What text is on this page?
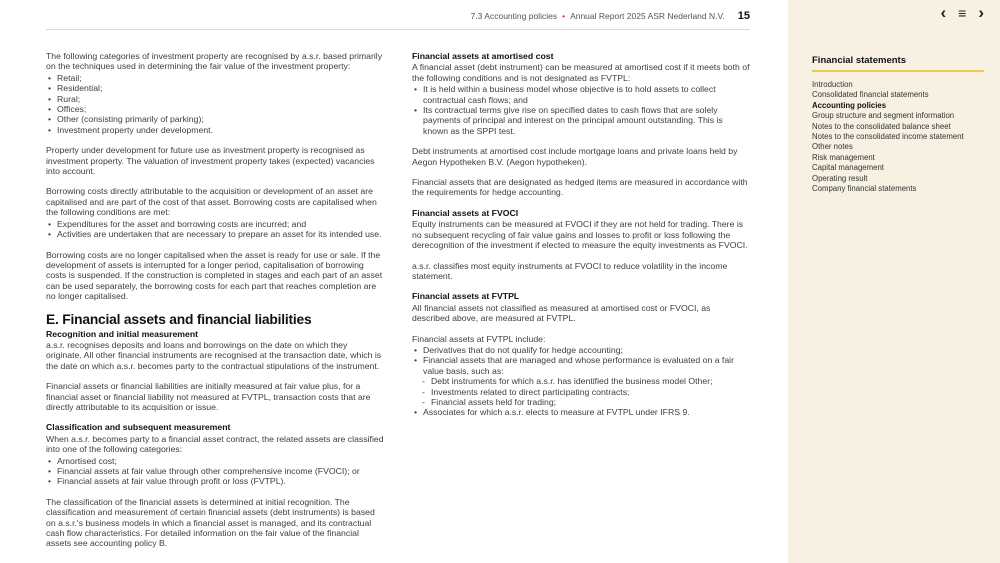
7.3 Accounting policies • Annual Report 2025 ASR Nederland N.V. 15
The following categories of investment property are recognised by a.s.r. based primarily on the techniques used in determining the fair value of the investment property:
• Retail;
• Residential;
• Rural;
• Offices;
• Other (consisting primarily of parking);
• Investment property under development.
Property under development for future use as investment property is recognised as investment property. The valuation of investment property takes (expected) vacancies into account.
Borrowing costs directly attributable to the acquisition or development of an asset are capitalised and are part of the cost of that asset. Borrowing costs are capitalised when the following conditions are met:
• Expenditures for the asset and borrowing costs are incurred; and
• Activities are undertaken that are necessary to prepare an asset for its intended use.
Borrowing costs are no longer capitalised when the asset is ready for use or sale. If the development of assets is interrupted for a longer period, capitalisation of borrowing costs is suspended. If the construction is completed in stages and each part of an asset can be used separately, the borrowing costs for each part that reaches completion are no longer capitalised.
E. Financial assets and financial liabilities
Recognition and initial measurement
a.s.r. recognises deposits and loans and borrowings on the date on which they originate. All other financial instruments are recognised at the transaction date, which is the date on which a.s.r. becomes party to the contractual stipulations of the instrument.
Financial assets or financial liabilities are initially measured at fair value plus, for a financial asset or financial liability not measured at FVTPL, transaction costs that are directly attributable to its acquisition or issue.
Classification and subsequent measurement
When a.s.r. becomes party to a financial asset contract, the related assets are classified into one of the following categories:
• Amortised cost;
• Financial assets at fair value through other comprehensive income (FVOCI); or
• Financial assets at fair value through profit or loss (FVTPL).
The classification of the financial assets is determined at initial recognition. The classification and measurement of certain financial assets (debt instruments) is based on a.s.r.'s business models in which a financial asset is managed, and its contractual cash flow characteristics. For detailed information on the fair value of the financial assets see accounting policy B.
Financial assets at amortised cost
A financial asset (debt instrument) can be measured at amortised cost if it meets both of the following conditions and is not designated as FVTPL:
• It is held within a business model whose objective is to hold assets to collect contractual cash flows; and
• Its contractual terms give rise on specified dates to cash flows that are solely payments of principal and interest on the principal amount outstanding. This is known as the SPPI test.
Debt instruments at amortised cost include mortgage loans and private loans held by Aegon Hypotheken B.V. (Aegon hypotheken).
Financial assets that are designated as hedged items are measured in accordance with the requirements for hedge accounting.
Financial assets at FVOCI
Equity instruments can be measured at FVOCI if they are not held for trading. There is no subsequent recycling of fair value gains and losses to profit or loss following the derecognition of the investment if elected to measure the equity investments as FVOCI.
a.s.r. classifies most equity instruments at FVOCI to reduce volatility in the income statement.
Financial assets at FVTPL
All financial assets not classified as measured at amortised cost or FVOCI, as described above, are measured at FVTPL.
Financial assets at FVTPL include:
• Derivatives that do not qualify for hedge accounting;
• Financial assets that are managed and whose performance is evaluated on a fair value basis, such as:
- Debt instruments for which a.s.r. has identified the business model Other;
- Investments related to direct participating contracts;
- Financial assets held for trading;
• Associates for which a.s.r. elects to measure at FVTPL under IFRS 9.
‹ ≡ ›
Financial statements
Introduction
Consolidated financial statements
Accounting policies
Group structure and segment information
Notes to the consolidated balance sheet
Notes to the consolidated income statement
Other notes
Risk management
Capital management
Operating result
Company financial statements
